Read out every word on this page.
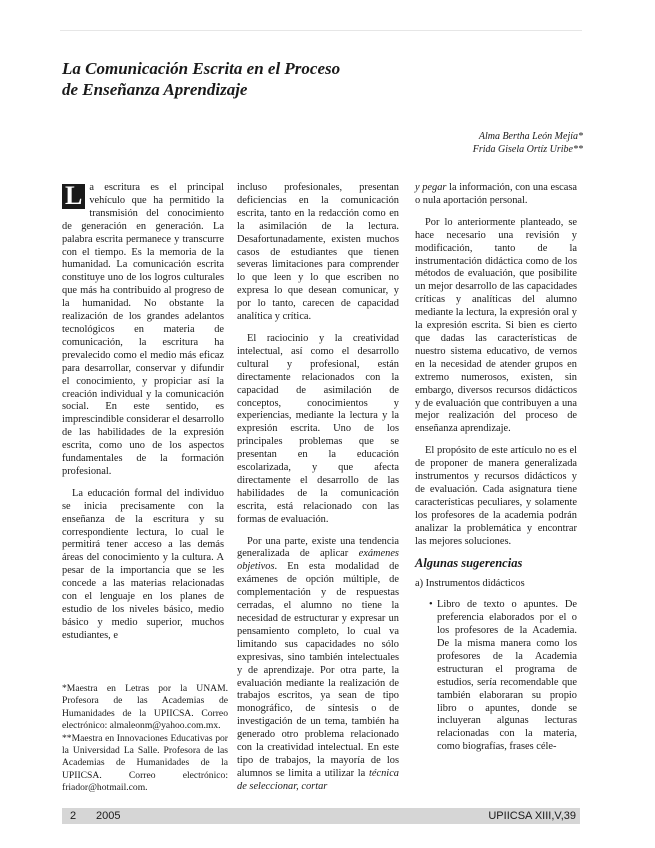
La Comunicación Escrita en el Proceso
de Enseñanza Aprendizaje
Alma Bertha León Mejía*
Frida Gisela Ortíz Uribe**

L a escritura es el principal vehículo que ha permitido la transmisión del conocimiento de generación en generación. La palabra escrita permanece y transcurre con el tiempo. Es la memoria de la humanidad. La comunicación escrita constituye uno de los logros culturales que más ha contribuido al progreso de la humanidad. No obstante la realización de los grandes adelantos tecnológicos en materia de comunicación, la escritura ha prevalecido como el medio más eficaz para desarrollar, conservar y difundir el conocimiento, y propiciar así la creación individual y la comunicación social. En este sentido, es imprescindible considerar el desarrollo de las habilidades de la expresión escrita, como uno de los aspectos fundamentales de la formación profesional.

La educación formal del individuo se inicia precisamente con la enseñanza de la escritura y su correspondiente lectura, lo cual le permitirá tener acceso a las demás áreas del conocimiento y la cultura. A pesar de la importancia que se les concede a las materias relacionadas con el lenguaje en los planes de estudio de los niveles básico, medio básico y medio superior, muchos estudiantes, e

incluso profesionales, presentan deficiencias en la comunicación escrita, tanto en la redacción como en la asimilación de la lectura. Desafortunadamente, existen muchos casos de estudiantes que tienen severas limitaciones para comprender lo que leen y lo que escriben no expresa lo que desean comunicar, y por lo tanto, carecen de capacidad analítica y crítica.

El raciocinio y la creatividad intelectual, así como el desarrollo cultural y profesional, están directamente relacionados con la capacidad de asimilación de conceptos, conocimientos y experiencias, mediante la lectura y la expresión escrita. Uno de los principales problemas que se presentan en la educación escolarizada, y que afecta directamente el desarrollo de las habilidades de la comunicación escrita, está relacionado con las formas de evaluación.

Por una parte, existe una tendencia generalizada de aplicar exámenes objetivos. En esta modalidad de exámenes de opción múltiple, de complementación y de respuestas cerradas, el alumno no tiene la necesidad de estructurar y expresar un pensamiento completo, lo cual va limitando sus capacidades no sólo expresivas, sino también intelectuales y de aprendizaje. Por otra parte, la evaluación mediante la realización de trabajos escritos, ya sean de tipo monográfico, de síntesis o de investigación de un tema, también ha generado otro problema relacionado con la creatividad intelectual. En este tipo de trabajos, la mayoría de los alumnos se limita a utilizar la técnica de seleccionar, cortar

y pegar la información, con una escasa o nula aportación personal.

Por lo anteriormente planteado, se hace necesario una revisión y modificación, tanto de la instrumentación didáctica como de los métodos de evaluación, que posibilite un mejor desarrollo de las capacidades críticas y analíticas del alumno mediante la lectura, la expresión oral y la expresión escrita. Si bien es cierto que dadas las características de nuestro sistema educativo, de vernos en la necesidad de atender grupos en extremo numerosos, existen, sin embargo, diversos recursos didácticos y de evaluación que contribuyen a una mejor realización del proceso de enseñanza aprendizaje.

El propósito de este artículo no es el de proponer de manera generalizada instrumentos y recursos didácticos y de evaluación. Cada asignatura tiene características peculiares, y solamente los profesores de la academia podrán analizar la problemática y encontrar las mejores soluciones.

Algunas sugerencias
a) Instrumentos didácticos
• Libro de texto o apuntes. De preferencia elaborados por el o los profesores de la Academia. De la misma manera como los profesores de la Academia estructuran el programa de estudios, sería recomendable que también elaboraran su propio libro o apuntes, donde se incluyeran algunas lecturas relacionadas con la materia, como biografías, frases céle-

*Maestra en Letras por la UNAM. Profesora de las Academias de Humanidades de la UPIICSA. Correo electrónico: almaleonm@yahoo.com.mx.

**Maestra en Innovaciones Educativas por la Universidad La Salle. Profesora de las Academias de Humanidades de la UPIICSA. Correo electrónico: friador@hotmail.com.

2 2005	UPIICSA XIII,V,39
